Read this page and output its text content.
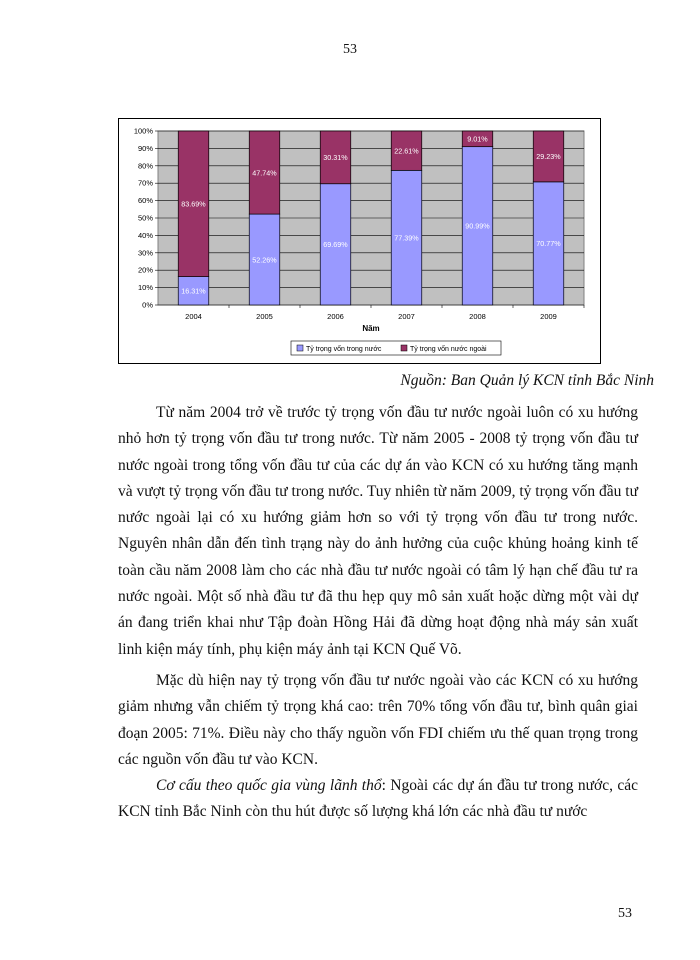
53
0%
10%
20%
30%
40%
50%
60%
70%
80%
90%
100%
16.31%
83.69%
52.26%
47.74%
69.69%
30.31%
77.39%
22.61%
90.99%
9.01%
70.77%
29.23%
2004	2005	2006	2007	2008	2009
Năm
Tỷ trọng vốn trong nước	Tỷ trọng vốn nước ngoài
Nguồn: Ban Quản lý KCN tỉnh Bắc Ninh

Từ năm 2004 trở về trước tỷ trọng vốn đầu tư nước ngoài luôn có xu hướng nhỏ hơn tỷ trọng vốn đầu tư trong nước. Từ năm 2005 - 2008 tỷ trọng vốn đầu tư nước ngoài trong tổng vốn đầu tư của các dự án vào KCN có xu hướng tăng mạnh và vượt tỷ trọng vốn đầu tư trong nước. Tuy nhiên từ năm 2009, tỷ trọng vốn đầu tư nước ngoài lại có xu hướng giảm hơn so với tỷ trọng vốn đầu tư trong nước. Nguyên nhân dẫn đến tình trạng này do ảnh hưởng của cuộc khủng hoảng kinh tế toàn cầu năm 2008 làm cho các nhà đầu tư nước ngoài có tâm lý hạn chế đầu tư ra nước ngoài. Một số nhà đầu tư đã thu hẹp quy mô sản xuất hoặc dừng một vài dự án đang triển khai như Tập đoàn Hồng Hải đã dừng hoạt động nhà máy sản xuất linh kiện máy tính, phụ kiện máy ảnh tại KCN Quế Võ.

Mặc dù hiện nay tỷ trọng vốn đầu tư nước ngoài vào các KCN có xu hướng giảm nhưng vẫn chiếm tỷ trọng khá cao: trên 70% tổng vốn đầu tư, bình quân giai đoạn 2005: 71%. Điều này cho thấy nguồn vốn FDI chiếm ưu thế quan trọng trong các nguồn vốn đầu tư vào KCN.

Cơ cấu theo quốc gia vùng lãnh thổ: Ngoài các dự án đầu tư trong nước, các KCN tỉnh Bắc Ninh còn thu hút được số lượng khá lớn các nhà đầu tư nước

53
